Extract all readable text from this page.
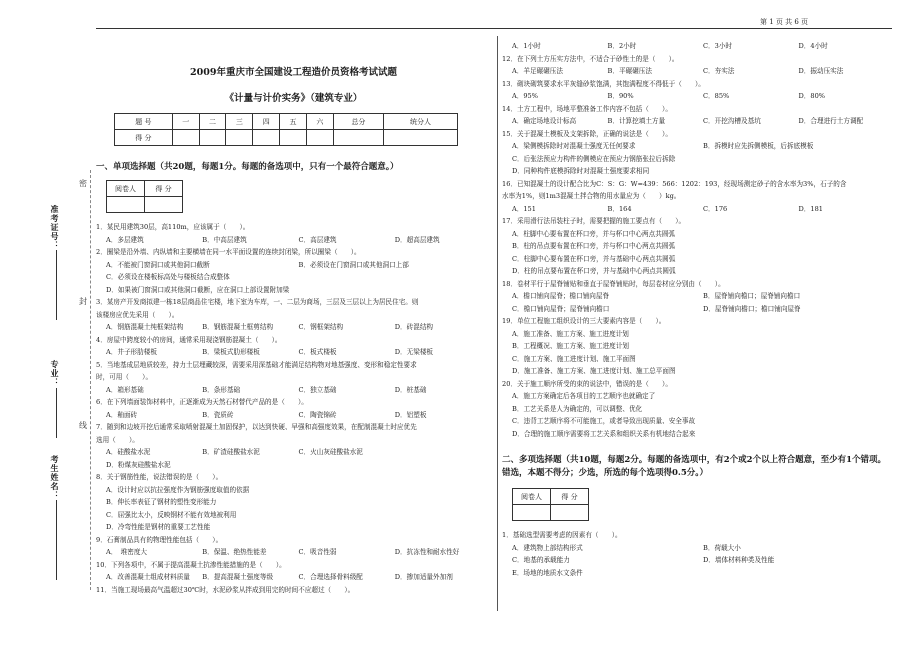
第 1 页 共 6 页
准考证号：
专业：
考生姓名：
密
封
线
2009年重庆市全国建设工程造价员资格考试试题
《计量与计价实务》（建筑专业）
题 号	一	二	三	四	五	六	总分	统分人
得 分								
一、单项选择题（共20题，每题1分。每题的备选项中，只有一个最符合题意。）
阅卷人	得 分

1．某民用建筑30层，高110m，应该属于（　　）。
A．多层建筑	B．中高层建筑	C．高层建筑	D．超高层建筑
2．圈梁是沿外墙、内纵墙和主要横墙在同一水平面设置的连续封闭梁，所以圈梁（　　）。
A．不能被门窗洞口或其他洞口截断	B．必须设在门窗洞口或其他洞口上部
C．必须设在楼板标高处与楼板结合成整体
D．如果被门窗洞口或其他洞口截断，应在洞口上部设置附加梁
3．某房产开发商拟建一栋18层商品住宅楼，地下室为车库，一、二层为商场，三层及三层以上为居民住宅。则
该楼房应优先采用（　　）。
A．钢筋混凝土纯框架结构	B．钢筋混凝土框剪结构	C．钢框架结构	D．砖混结构
4．房屋中跨度较小的房间，通常采用现浇钢筋混凝土（　　）。
A．井子形肋楼板	B．梁板式肋形楼板	C．板式楼板	D．无梁楼板
5．当地基成层地质较差，持力土层埋藏较深，需要采用深基础才能满足结构物对地基强度、变形和稳定性要求
时，可用（　　）。
A．箱形基础	B．条形基础	C．独立基础	D．桩基础
6．在下列墙面装饰材料中，正逐渐成为天然石材替代产品的是（　　）。
A．釉面砖	B．瓷质砖	C．陶瓷锦砖	D．铝塑板
7．随到和边坡开挖后通常采取喷射混凝土加固保护，以达到快硬、早强和高强度效果，在配制混凝土时应优先
选用（　　）。
A．硅酸盐水泥	B．矿渣硅酸盐水泥	C．火山灰硅酸盐水泥
D．粉煤灰硅酸盐水泥
8．关于钢筋性能，说法错误的是（　　）。
A．设计时应以抗拉强度作为钢筋强度取值的依据
B．伸长率表征了钢材的塑性变形能力
C．屈强比太小，反映钢材不能有效地被利用
D．冷弯性能是钢材的重要工艺性能
9．石膏制品具有的物理性能包括（　　）。
A．　堆密度大	B．保温、绝热性能差	C．吸音性弱	D．抗冻性和耐水性好
10．下列各项中，不属于提高混凝土抗渗性能措施的是（　　）。
A．改善混凝土组成材料质量	B．提高混凝土强度等级	C．合理选择骨料级配	D．掺加适量外加剂
11．当施工现场最高气温超过30℃时，水泥砂浆从拌成到用完的时间不应超过（　　）。
A．1小时	B．2小时	C．3小时	D．4小时
12．在下列土方压实方法中，不适合于砂性土的是（　　）。
A．羊足碾碾压法	B．平碾碾压法	C．夯实法	D．振动压实法
13．砌块砌筑要求水平灰缝砂浆饱满，其饱满程度不得低于（　　）。
A．95%	B．90%	C．85%	D．80%
14．土方工程中，场地平整准备工作内容不包括（　　）。
A．确定场地设计标高	B．计算挖填土方量	C．开挖沟槽及基坑	D．合理进行土方调配
15．关于混凝土模板及支架拆除，正确的说法是（　　）。
A．梁侧模拆除时对混凝土强度无任何要求	B．拆模时应先拆侧模板，后拆底模板
C．后张法预应力构件的侧模应在预应力钢筋张拉后拆除
D．同种构件底模拆除时对混凝土强度要求相同
16．已知混凝土的设计配合比为C：S：G：W=439：566：1202：193，经现场测定砂子的含水率为3%，石子的含
水率为1%，则1m3混凝土拌合物的用水量应为（　　）kg。
A．151	B．164	C．176	D．181
17．采用滑行法吊装柱子时，需要把握的施工要点有（　　）。
A．柱脚中心要布置在杯口旁，并与杯口中心两点共圆弧
B．柱的吊点要布置在杯口旁，并与杯口中心两点共圆弧
C．柱脚中心要布置在杯口旁，并与基础中心两点共圆弧
D．柱的吊点要布置在杯口旁，并与基础中心两点共圆弧
18．卷材平行于屋脊铺贴和垂直于屋脊铺贴时，每层卷材应分别由（　　）。
A．檐口铺向屋脊；檐口铺向屋脊	B．屋脊铺向檐口；屋脊铺向檐口
C．檐口铺向屋脊；屋脊铺向檐口	D．屋脊铺向檐口；檐口铺向屋脊
19．单位工程施工组织设计的三大要素内容是（　　）。
A．施工准备、施工方案、施工进度计划
B．工程概况、施工方案、施工进度计划
C．施工方案、施工进度计划、施工平面图
D．施工准备、施工方案、施工进度计划、施工总平面图
20．关于施工顺序所受的束的说法中，错误的是（　　）。
A．施工方案确定后各项目的工艺顺序也就确定了
B．工艺关系是人为确定的，可以调整、优化
C．违背工艺顺序将不可能施工，或者导致出现质量、安全事故
D．合理的施工顺序需要将工艺关系和组织关系有机地结合起来
二、多项选择题（共10题，每题2分。每题的备选项中，有2个或2个以上符合题意，至少有1个错项。错选，本题不得分；少选，所选的每个选项得0.5分。）
阅卷人	得 分

1．基础选型需要考虑的因素有（　　）。
A．建筑物上部结构形式	B．荷载大小
C．地基的承载能力	D．墙体材料种类及性能
E．场地的地质水文条件
